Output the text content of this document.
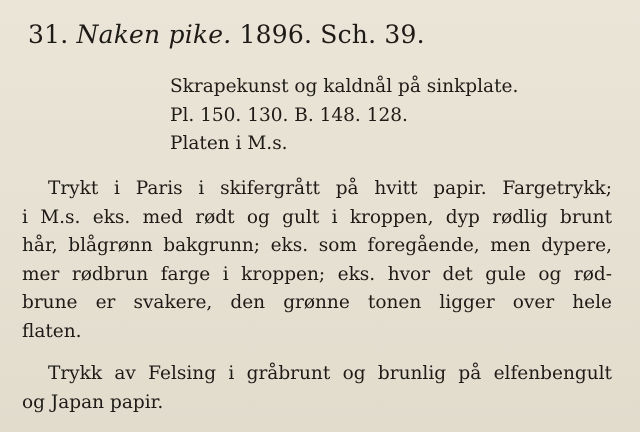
31. Naken pike. 1896. Sch. 39.
Skrapekunst og kaldnål på sinkplate.
Pl. 150. 130. B. 148. 128.
Platen i M.s.
Trykt i Paris i skifergrått på hvitt papir. Fargetrykk;
i M.s. eks. med rødt og gult i kroppen, dyp rødlig brunt
hår, blågrønn bakgrunn; eks. som foregående, men dypere,
mer rødbrun farge i kroppen; eks. hvor det gule og rød-
brune er svakere, den grønne tonen ligger over hele
flaten.
Trykk av Felsing i gråbrunt og brunlig på elfenbengult
og Japan papir.
